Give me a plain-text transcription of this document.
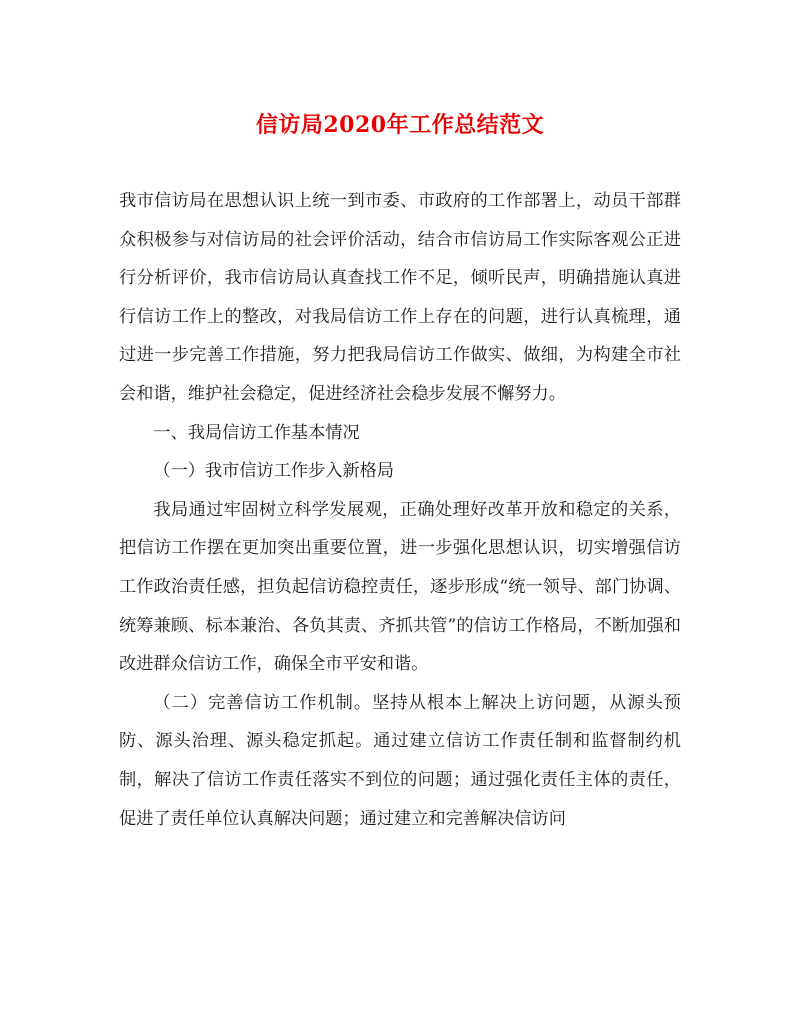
信访局2020年工作总结范文

我市信访局在思想认识上统一到市委、市政府的工作部署上，动员干部群众积极参与对信访局的社会评价活动，结合市信访局工作实际客观公正进行分析评价，我市信访局认真查找工作不足，倾听民声，明确措施认真进行信访工作上的整改，对我局信访工作上存在的问题，进行认真梳理，通过进一步完善工作措施，努力把我局信访工作做实、做细，为构建全市社会和谐，维护社会稳定，促进经济社会稳步发展不懈努力。

一、我局信访工作基本情况

（一）我市信访工作步入新格局

我局通过牢固树立科学发展观，正确处理好改革开放和稳定的关系，把信访工作摆在更加突出重要位置，进一步强化思想认识，切实增强信访工作政治责任感，担负起信访稳控责任，逐步形成“统一领导、部门协调、统筹兼顾、标本兼治、各负其责、齐抓共管”的信访工作格局，不断加强和改进群众信访工作，确保全市平安和谐。

（二）完善信访工作机制。坚持从根本上解决上访问题，从源头预防、源头治理、源头稳定抓起。通过建立信访工作责任制和监督制约机制，解决了信访工作责任落实不到位的问题；通过强化责任主体的责任，促进了责任单位认真解决问题；通过建立和完善解决信访问
